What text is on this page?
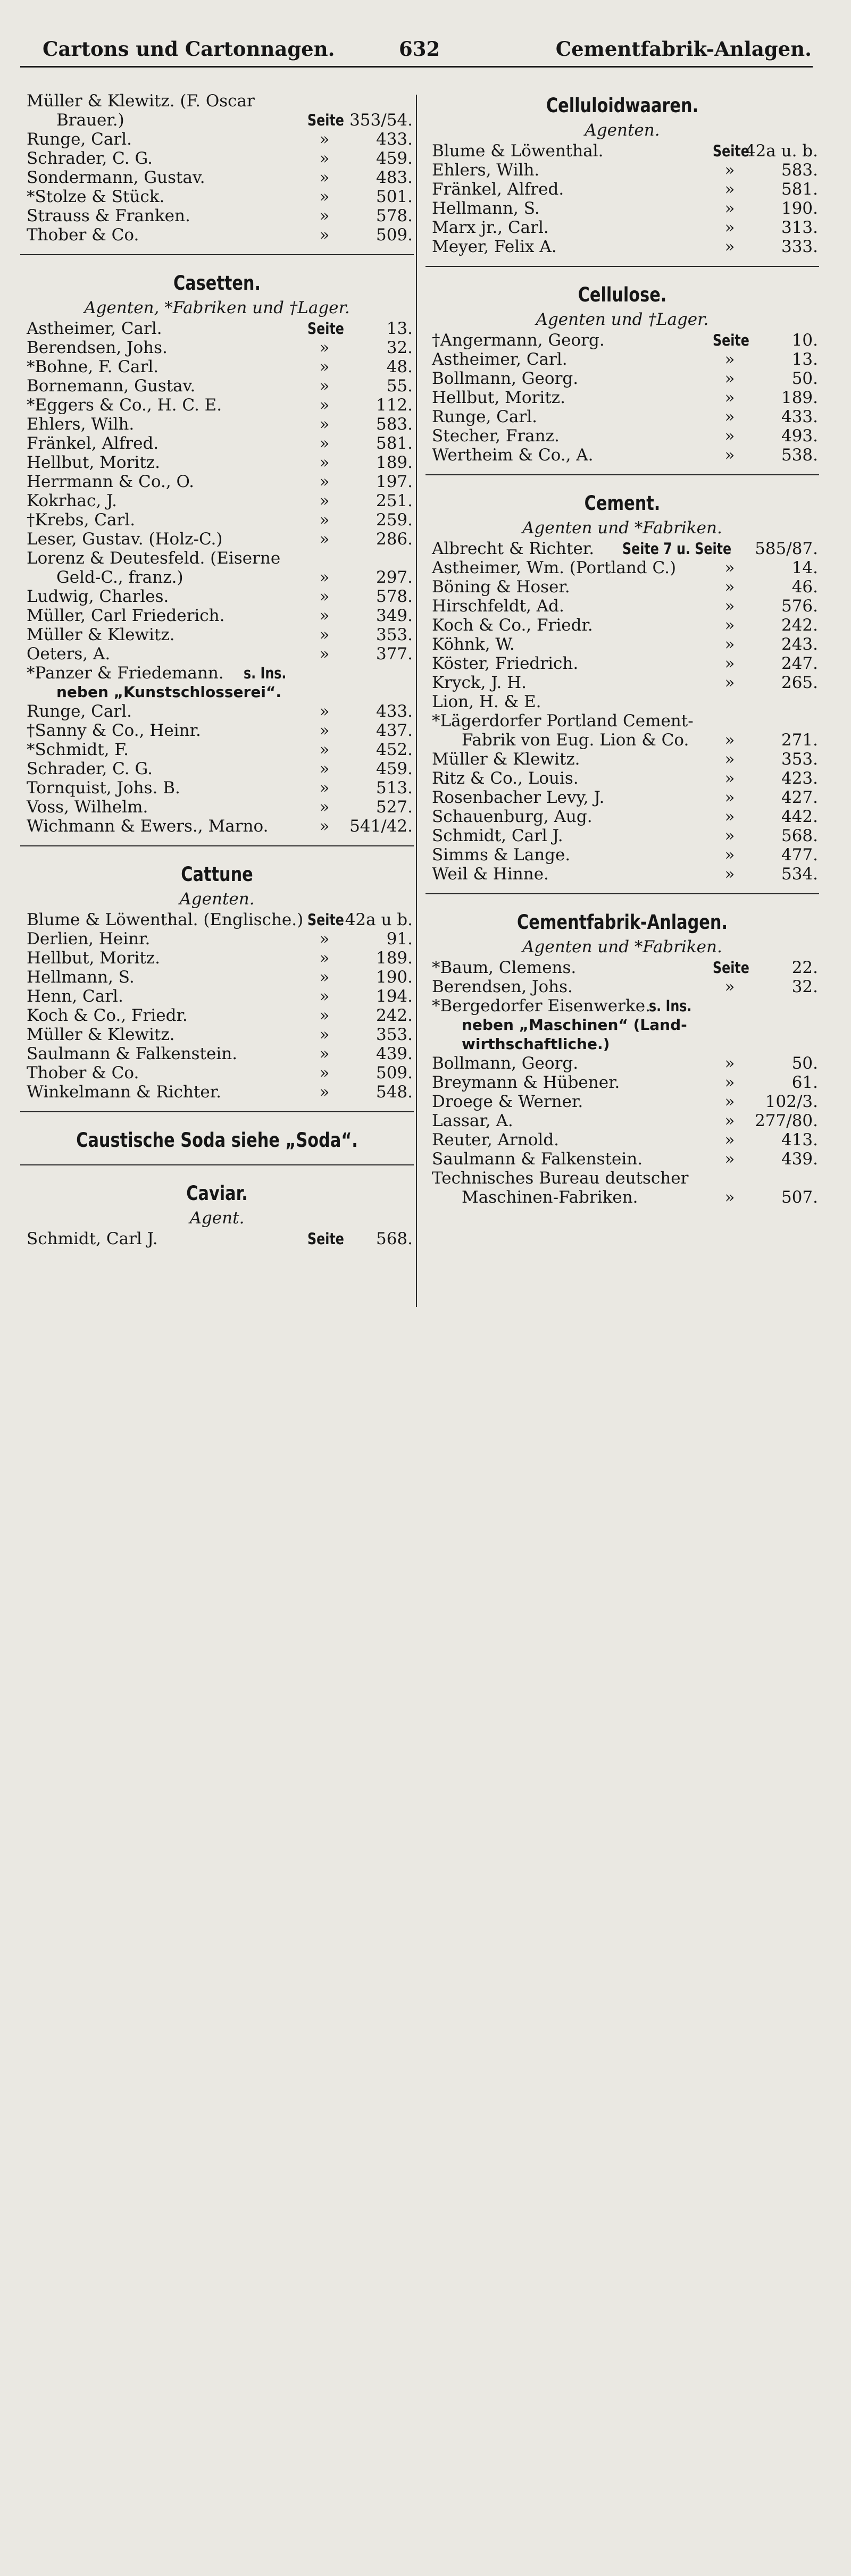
Cartons und Cartonnagen.	632	Cementfabrik-Anlagen.
Müller & Klewitz. (F. Oscar
Brauer.)	Seite 353/54.
Runge, Carl.	»	433.
Schrader, C. G.	»	459.
Sondermann, Gustav.	»	483.
*Stolze & Stück.	»	501.
Strauss & Franken.	»	578.
Thober & Co.	»	509.
Casetten.
Agenten, *Fabriken und †Lager.
Astheimer, Carl.	Seite	13.
Berendsen, Johs.	»	32.
*Bohne, F. Carl.	»	48.
Bornemann, Gustav.	»	55.
*Eggers & Co., H. C. E.	»	112.
Ehlers, Wilh.	»	583.
Fränkel, Alfred.	»	581.
Hellbut, Moritz.	»	189.
Herrmann & Co., O.	»	197.
Kokrhac, J.	»	251.
†Krebs, Carl.	»	259.
Leser, Gustav. (Holz-C.)	»	286.
Lorenz & Deutesfeld. (Eiserne
Geld-C., franz.)	»	297.
Ludwig, Charles.	»	578.
Müller, Carl Friederich.	»	349.
Müller & Klewitz.	»	353.
Oeters, A.	»	377.
*Panzer & Friedemann. s. Ins.
neben „Kunstschlosserei“.
Runge, Carl.	»	433.
†Sanny & Co., Heinr.	»	437.
*Schmidt, F.	»	452.
Schrader, C. G.	»	459.
Tornquist, Johs. B.	»	513.
Voss, Wilhelm.	»	527.
Wichmann & Ewers., Marno.	»	541/42.
Cattune
Agenten.
Blume & Löwenthal. (Englische.) Seite 42a u b.
Derlien, Heinr.	»	91.
Hellbut, Moritz.	»	189.
Hellmann, S.	»	190.
Henn, Carl.	»	194.
Koch & Co., Friedr.	»	242.
Müller & Klewitz.	»	353.
Saulmann & Falkenstein.	»	439.
Thober & Co.	»	509.
Winkelmann & Richter.	»	548.
Caustische Soda siehe „Soda“.
Caviar.
Agent.
Schmidt, Carl J.	Seite	568.
Celluloidwaaren.
Agenten.
Blume & Löwenthal.	Seite
42a u. b.
Ehlers, Wilh.	»	583.
Fränkel, Alfred.	»	581.
Hellmann, S.	»	190.
Marx jr., Carl.	»	313.
Meyer, Felix A.	»	333.
Cellulose.
Agenten und †Lager.
†Angermann, Georg.	Seite	10.
Astheimer, Carl.	»	13.
Bollmann, Georg.	»	50.
Hellbut, Moritz.	»	189.
Runge, Carl.	»	433.
Stecher, Franz.	»	493.
Wertheim & Co., A.	»	538.
Cement.
Agenten und *Fabriken.
Albrecht & Richter. Seite 7 u. Seite	585/87.
Astheimer, Wm. (Portland C.)	»	14.
Böning & Hoser.	»	46.
Hirschfeldt, Ad.	»	576.
Koch & Co., Friedr.	»	242.
Köhnk, W.	»	243.
Köster, Friedrich.	»	247.
Kryck, J. H.	»	265.
Lion, H. & E.
*Lägerdorfer Portland Cement-
Fabrik von Eug. Lion & Co. »	271.
Müller & Klewitz.	»	353.
Ritz & Co., Louis.	»	423.
Rosenbacher Levy, J.	»	427.
Schauenburg, Aug.	»	442.
Schmidt, Carl J.	»	568.
Simms & Lange.	»	477.
Weil & Hinne.	»	534.
Cementfabrik-Anlagen.
Agenten und *Fabriken.
*Baum, Clemens.	Seite	22.
Berendsen, Johs.	»	32.
*Bergedorfer Eisenwerke.
s. Ins.
neben „Maschinen“ (Land-
wirthschaftliche.)
Bollmann, Georg.	»	50.
Breymann & Hübener.	»	61.
Droege & Werner.	»	102/3.
Lassar, A.	»	277/80.
Reuter, Arnold.	»	413.
Saulmann & Falkenstein.	»	439.
Technisches Bureau deutscher
Maschinen-Fabriken.	»	507.
